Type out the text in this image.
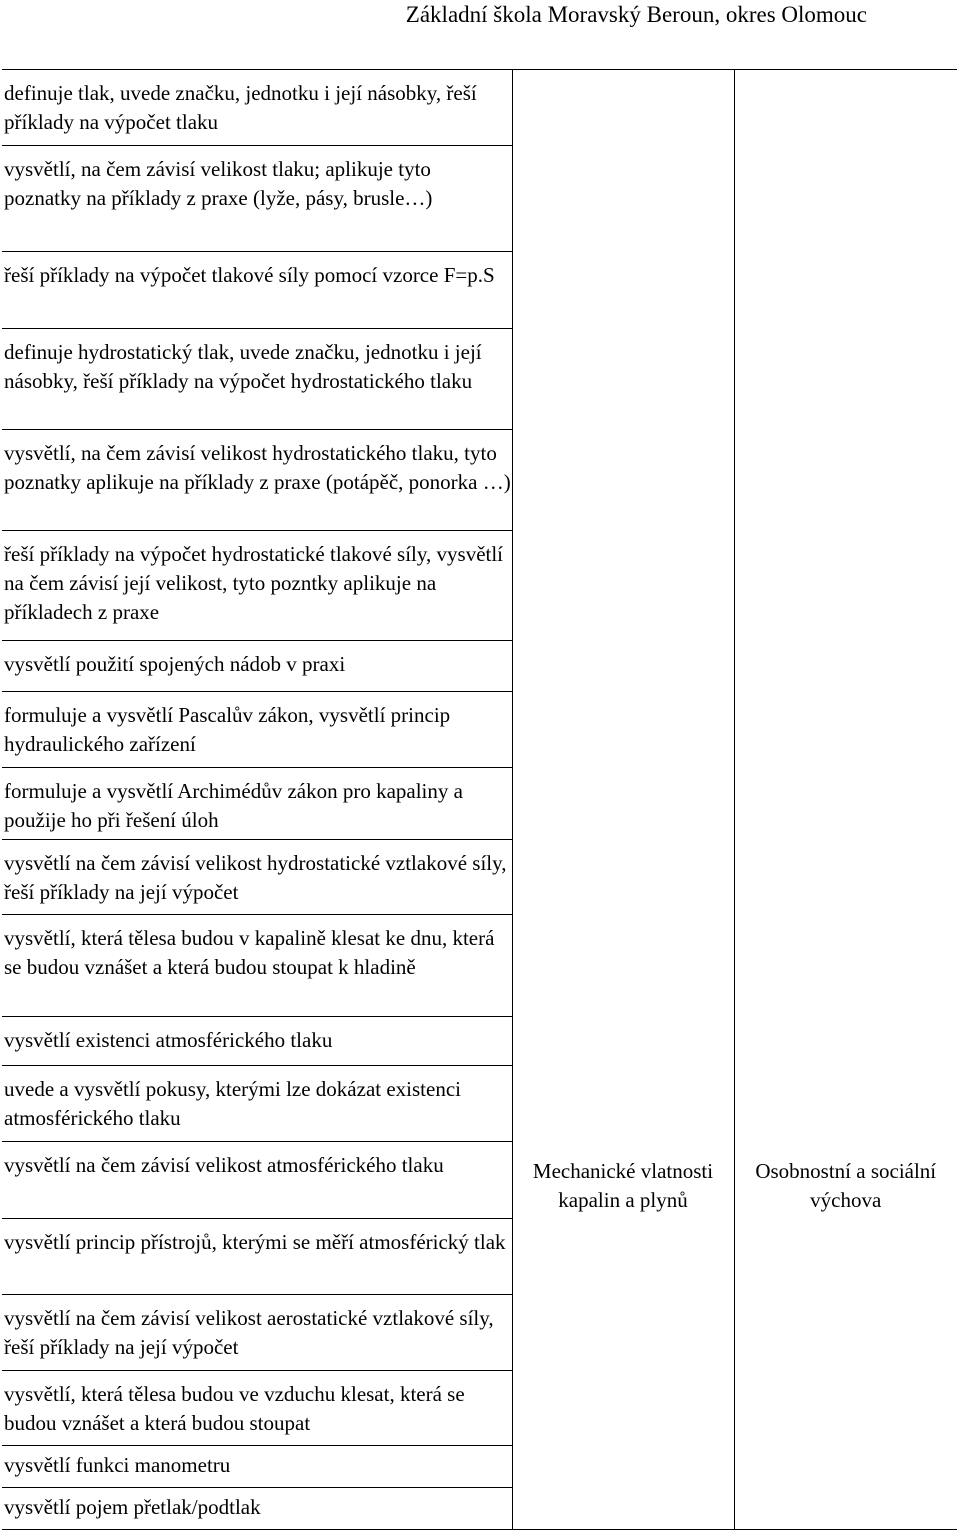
Základní škola Moravský Beroun, okres Olomouc
definuje tlak, uvede značku, jednotku i její násobky, řeší příklady na výpočet tlaku

Mechanické vlatnosti kapalin a plynů

Osobnostní a sociální výchova

vysvětlí, na čem závisí velikost tlaku; aplikuje tyto poznatky na příklady z praxe (lyže, pásy, brusle…)

řeší příklady na výpočet tlakové síly pomocí vzorce F=p.S

definuje hydrostatický tlak, uvede značku, jednotku i její násobky, řeší příklady na výpočet hydrostatického tlaku

vysvětlí, na čem závisí velikost hydrostatického tlaku, tyto poznatky aplikuje na příklady z praxe (potápěč, ponorka …)

řeší příklady na výpočet hydrostatické tlakové síly, vysvětlí na čem závisí její velikost, tyto pozntky aplikuje na příkladech z praxe

vysvětlí použití spojených nádob v praxi

formuluje a vysvětlí Pascalův zákon, vysvětlí princip hydraulického zařízení

formuluje a vysvětlí Archimédův zákon pro kapaliny a použije ho při řešení úloh

vysvětlí na čem závisí velikost hydrostatické vztlakové síly, řeší příklady na její výpočet

vysvětlí, která tělesa budou v kapalině klesat ke dnu, která se budou vznášet a která budou stoupat k hladině

vysvětlí existenci atmosférického tlaku

uvede a vysvětlí pokusy, kterými lze dokázat existenci atmosférického tlaku

vysvětlí na čem závisí velikost atmosférického tlaku

vysvětlí princip přístrojů, kterými se měří atmosférický tlak

vysvětlí na čem závisí velikost aerostatické vztlakové síly, řeší příklady na její výpočet

vysvětlí, která tělesa budou ve vzduchu klesat, která se budou vznášet a která budou stoupat

vysvětlí funkci manometru

vysvětlí pojem přetlak/podtlak
